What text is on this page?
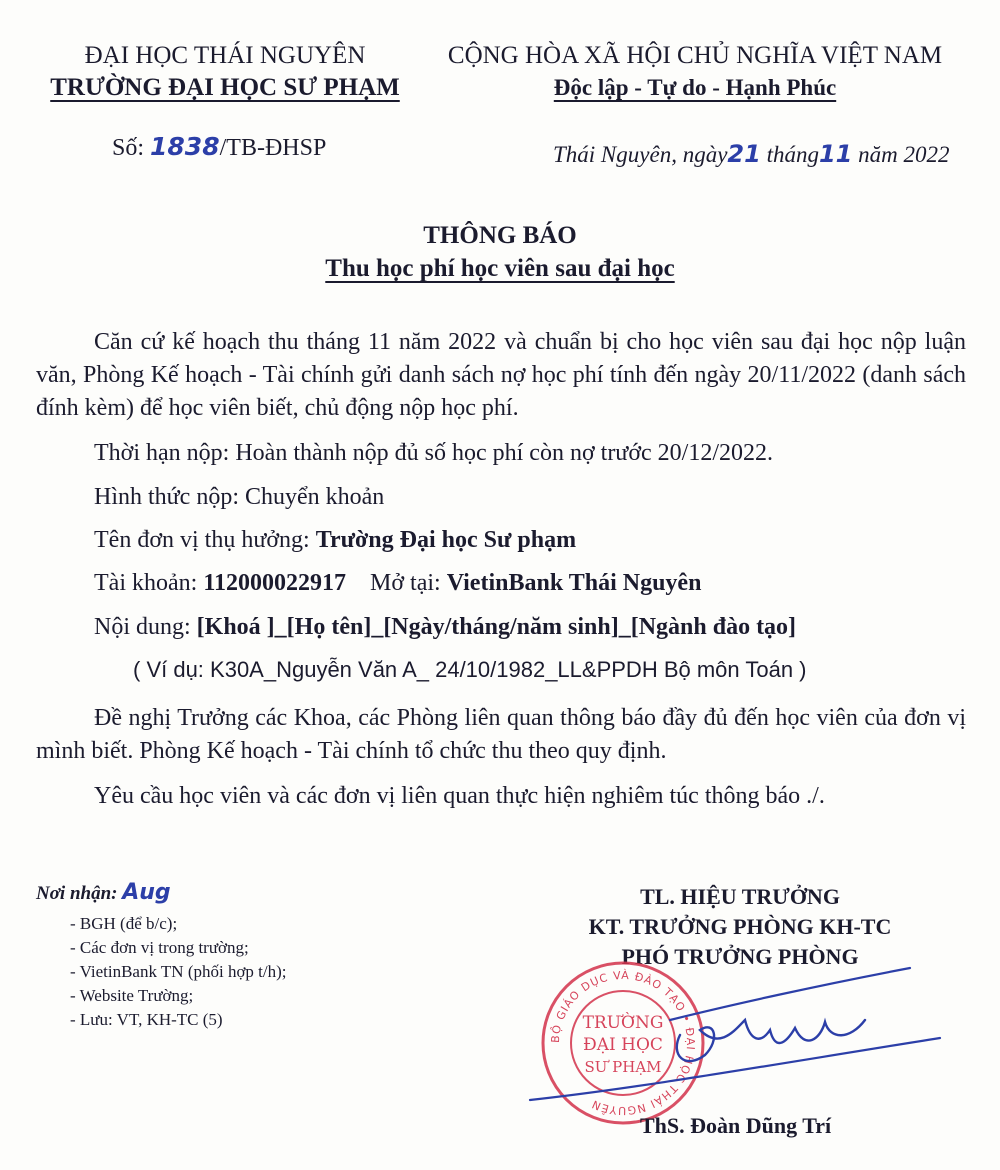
ĐẠI HỌC THÁI NGUYÊN
TRƯỜNG ĐẠI HỌC SƯ PHẠM
CỘNG HÒA XÃ HỘI CHỦ NGHĨA VIỆT NAM
Độc lập - Tự do - Hạnh Phúc
Số: 1838/TB-ĐHSP	Thái Nguyên, ngày21 tháng11 năm 2022
THÔNG BÁO
Thu học phí học viên sau đại học
Căn cứ kế hoạch thu tháng 11 năm 2022 và chuẩn bị cho học viên sau đại học nộp luận văn, Phòng Kế hoạch - Tài chính gửi danh sách nợ học phí tính đến ngày 20/11/2022 (danh sách đính kèm) để học viên biết, chủ động nộp học phí.
Thời hạn nộp: Hoàn thành nộp đủ số học phí còn nợ trước 20/12/2022.
Hình thức nộp: Chuyển khoản
Tên đơn vị thụ hưởng: Trường Đại học Sư phạm
Tài khoản: 112000022917 Mở tại: VietinBank Thái Nguyên
Nội dung: [Khoá ]_[Họ tên]_[Ngày/tháng/năm sinh]_[Ngành đào tạo]
( Ví dụ: K30A_Nguyễn Văn A_ 24/10/1982_LL&PPDH Bộ môn Toán )
Đề nghị Trưởng các Khoa, các Phòng liên quan thông báo đầy đủ đến học viên của đơn vị mình biết. Phòng Kế hoạch - Tài chính tổ chức thu theo quy định.
Yêu cầu học viên và các đơn vị liên quan thực hiện nghiêm túc thông báo ./.
Nơi nhận: Aug
- BGH (để b/c);
- Các đơn vị trong trường;
- VietinBank TN (phối hợp t/h);
- Website Trường;
- Lưu: VT, KH-TC (5)
TL. HIỆU TRƯỞNG
KT. TRƯỞNG PHÒNG KH-TC
PHÓ TRƯỞNG PHÒNG
BỘ GIÁO DỤC VÀ ĐÀO TẠO • ĐẠI HỌC THÁI NGUYÊN
TRƯỜNG
ĐẠI HỌC
SƯ PHẠM
ThS. Đoàn Dũng Trí
